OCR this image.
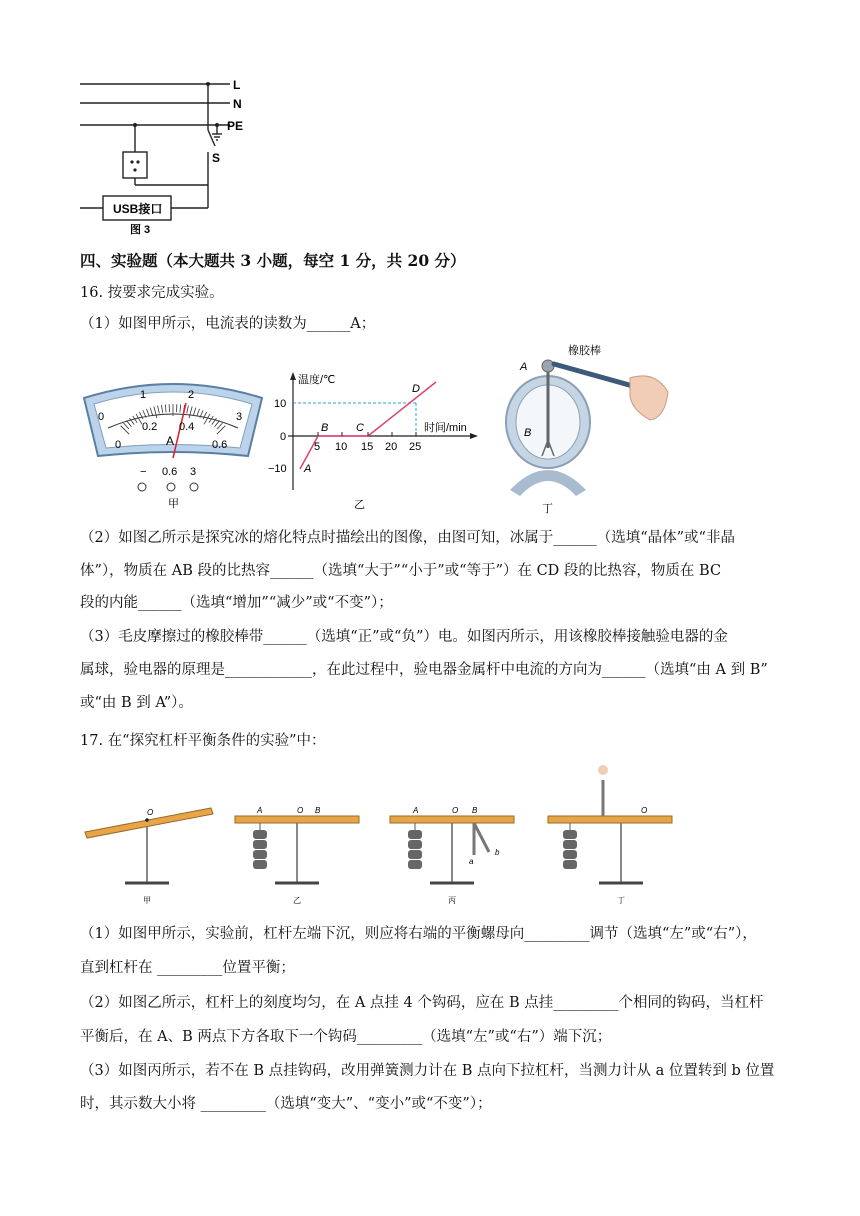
L
N
PE
S
USB接口
图 3
四、实验题（本大题共 3 小题，每空 1 分，共 20 分）
16. 按要求完成实验。
（1）如图甲所示，电流表的读数为______A；
0
1	2
3
0
0.2 0.4
0.6
A
− 0.6 3
甲
温度/℃
时间/min
10
0
−10
5 10 15 20 25
A
B	C
D
乙
橡胶棒
A
B
丁
（2）如图乙所示是探究冰的熔化特点时描绘出的图像，由图可知，冰属于______（选填“晶体”或“非晶
体”），物质在 AB 段的比热容______（选填“大于”“小于”或“等于”）在 CD 段的比热容，物质在 BC
段的内能______（选填“增加”“减少”或“不变”）；
（3）毛皮摩擦过的橡胶棒带______（选填“正”或“负”）电。如图丙所示，用该橡胶棒接触验电器的金
属球，验电器的原理是____________，在此过程中，验电器金属杆中电流的方向为______（选填“由 A 到 B”
或“由 B 到 A”）。
17. 在“探究杠杆平衡条件的实验”中：
O	A	O B	A	O B
a
b
O
甲	乙	丙	丁
（1）如图甲所示，实验前，杠杆左端下沉，则应将右端的平衡螺母向_________调节（选填“左”或“右”），
直到杠杆在 _________位置平衡；
（2）如图乙所示，杠杆上的刻度均匀，在 A 点挂 4 个钩码，应在 B 点挂_________个相同的钩码，当杠杆
平衡后，在 A、B 两点下方各取下一个钩码_________（选填“左”或“右”）端下沉；
（3）如图丙所示，若不在 B 点挂钩码，改用弹簧测力计在 B 点向下拉杠杆，当测力计从 a 位置转到 b 位置
时，其示数大小将 _________（选填“变大”、“变小”或“不变”）；
